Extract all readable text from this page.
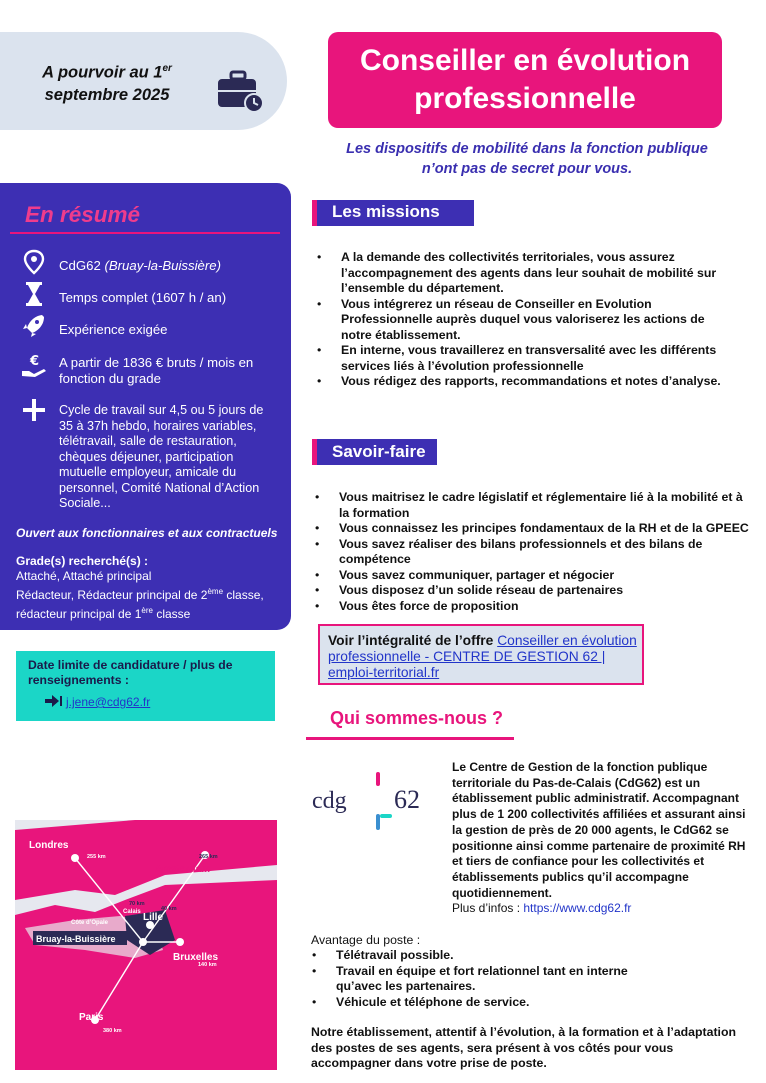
A pourvoir au 1er
septembre 2025
Conseiller en évolution
professionnelle
Les dispositifs de mobilité dans la fonction publique
n’ont pas de secret pour vous.
En résumé
CdG62 (Bruay-la-Buissière)
Temps complet (1607 h / an)
Expérience exigée
€ A partir de 1836 € bruts / mois en fonction du grade
Cycle de travail sur 4,5 ou 5 jours de 35 à 37h hebdo, horaires variables, télétravail, salle de restauration, chèques déjeuner, participation mutuelle employeur, amicale du personnel, Comité National d’Action Sociale...
Ouvert aux fonctionnaires et aux contractuels
Grade(s) recherché(s) :
Attaché, Attaché principal
Rédacteur, Rédacteur principal de 2ème classe,
rédacteur principal de 1ère classe
Date limite de candidature / plus de renseignements :
j.jene@cdg62.fr
Londres
Amsterdam
Lille
Bruay-la-Buissière
Bruxelles
Paris
Calais
Côte d’Opale
255 km	265 km
70 km
40 km
140 km
380 km
Les missions
• A la demande des collectivités territoriales, vous assurez l’accompagnement des agents dans leur souhait de mobilité sur l’ensemble du département.
• Vous intégrerez un réseau de Conseiller en Evolution Professionnelle auprès duquel vous valoriserez les actions de notre établissement.
• En interne, vous travaillerez en transversalité avec les différents services liés à l’évolution professionnelle
• Vous rédigez des rapports, recommandations et notes d’analyse.
Savoir-faire
• Vous maitrisez le cadre législatif et réglementaire lié à la mobilité et à la formation
• Vous connaissez les principes fondamentaux de la RH et de la GPEEC
• Vous savez réaliser des bilans professionnels et des bilans de compétence
• Vous savez communiquer, partager et négocier
• Vous disposez d’un solide réseau de partenaires
• Vous êtes force de proposition
Voir l’intégralité de l’offre Conseiller en évolution professionnelle - CENTRE DE GESTION 62 | emploi-territorial.fr
Qui sommes-nous ?
cdg 62
Le Centre de Gestion de la fonction publique territoriale du Pas-de-Calais (CdG62) est un établissement public administratif. Accompagnant plus de 1 200 collectivités affiliées et assurant ainsi la gestion de près de 20 000 agents, le CdG62 se positionne ainsi comme partenaire de proximité RH et tiers de confiance pour les collectivités et établissements publics qu’il accompagne quotidiennement.
Plus d’infos : https://www.cdg62.fr
Avantage du poste :
• Télétravail possible.
• Travail en équipe et fort relationnel tant en interne qu’avec les partenaires.
• Véhicule et téléphone de service.
Notre établissement, attentif à l’évolution, à la formation et à l’adaptation des postes de ses agents, sera présent à vos côtés pour vous accompagner dans votre prise de poste.
